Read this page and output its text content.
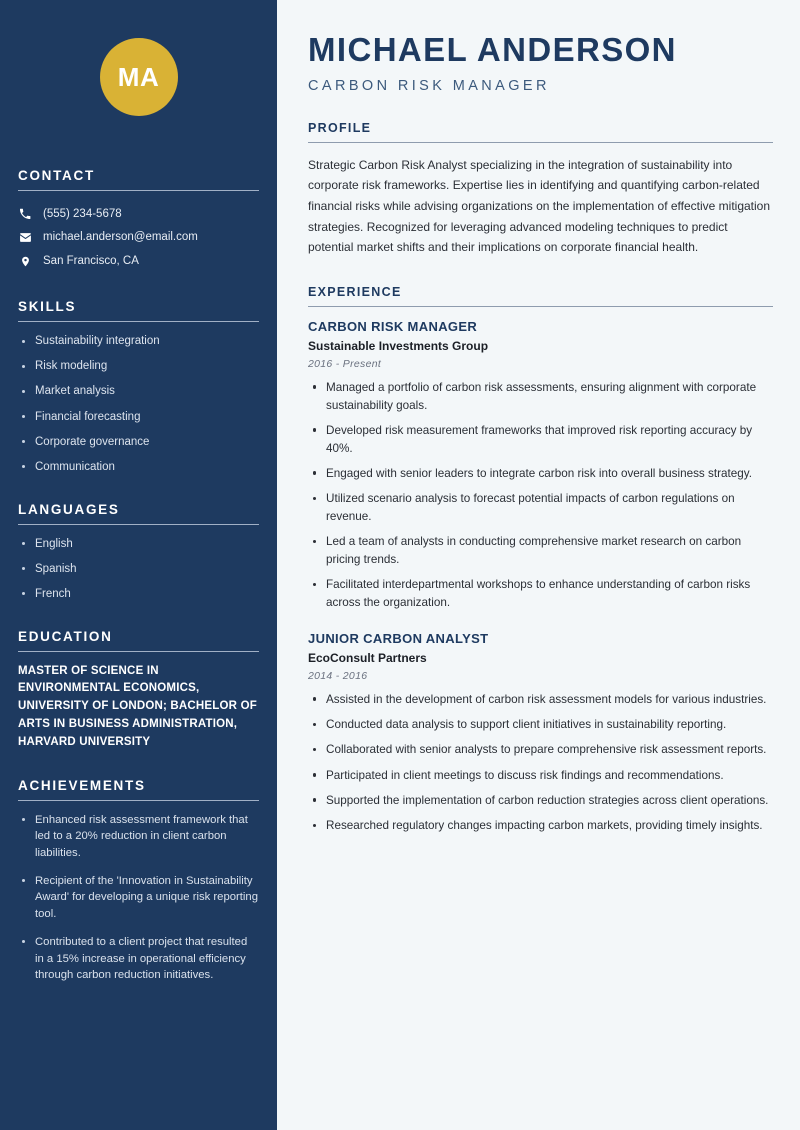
MA
CONTACT
(555) 234-5678
michael.anderson@email.com
San Francisco, CA
SKILLS
Sustainability integration
Risk modeling
Market analysis
Financial forecasting
Corporate governance
Communication
LANGUAGES
English
Spanish
French
EDUCATION
MASTER OF SCIENCE IN ENVIRONMENTAL ECONOMICS, UNIVERSITY OF LONDON; BACHELOR OF ARTS IN BUSINESS ADMINISTRATION, HARVARD UNIVERSITY
ACHIEVEMENTS
Enhanced risk assessment framework that led to a 20% reduction in client carbon liabilities.
Recipient of the 'Innovation in Sustainability Award' for developing a unique risk reporting tool.
Contributed to a client project that resulted in a 15% increase in operational efficiency through carbon reduction initiatives.
MICHAEL ANDERSON
CARBON RISK MANAGER
PROFILE

Strategic Carbon Risk Analyst specializing in the integration of sustainability into corporate risk frameworks. Expertise lies in identifying and quantifying carbon-related financial risks while advising organizations on the implementation of effective mitigation strategies. Recognized for leveraging advanced modeling techniques to predict potential market shifts and their implications on corporate financial health.

EXPERIENCE
CARBON RISK MANAGER
Sustainable Investments Group
2016 - Present
Managed a portfolio of carbon risk assessments, ensuring alignment with corporate sustainability goals.
Developed risk measurement frameworks that improved risk reporting accuracy by 40%.
Engaged with senior leaders to integrate carbon risk into overall business strategy.
Utilized scenario analysis to forecast potential impacts of carbon regulations on revenue.
Led a team of analysts in conducting comprehensive market research on carbon pricing trends.
Facilitated interdepartmental workshops to enhance understanding of carbon risks across the organization.
JUNIOR CARBON ANALYST
EcoConsult Partners
2014 - 2016
Assisted in the development of carbon risk assessment models for various industries.
Conducted data analysis to support client initiatives in sustainability reporting.
Collaborated with senior analysts to prepare comprehensive risk assessment reports.
Participated in client meetings to discuss risk findings and recommendations.
Supported the implementation of carbon reduction strategies across client operations.
Researched regulatory changes impacting carbon markets, providing timely insights.
